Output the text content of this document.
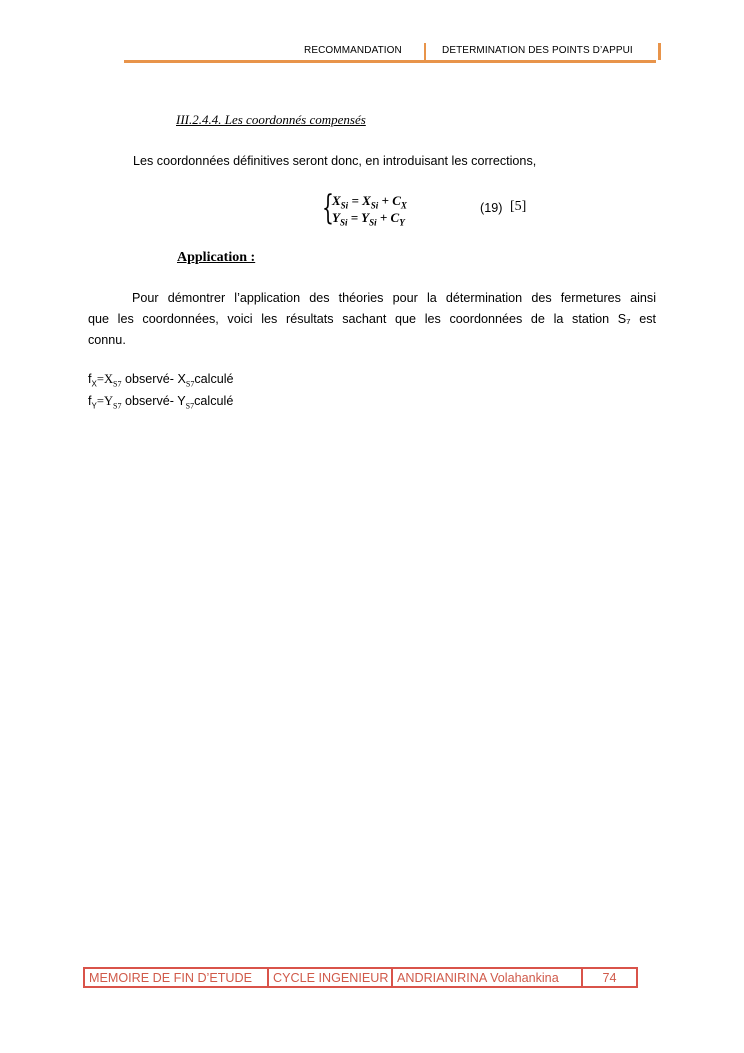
RECOMMANDATION	DETERMINATION DES POINTS D’APPUI
III.2.4.4. Les coordonnés compensés
Les coordonnées définitives seront donc, en introduisant les corrections,
{
$X_{Si} = X_{Si} + C_X$
$Y_{Si} = Y_{Si} + C_Y$
(19) [5]
Application :
Pour démontrer l’application des théories pour la détermination des fermetures ainsi
que les coordonnées, voici les résultats sachant que les coordonnées de la station S₇ est
connu.
$f_X=X_{S7}$ observé- $X_{S7}calculé$
$f_Y=Y_{S7}$ observé- $Y_{S7}calculé$
MEMOIRE DE FIN D’ETUDE	CYCLE INGENIEUR ANDRIANIRINA Volahankina	74
